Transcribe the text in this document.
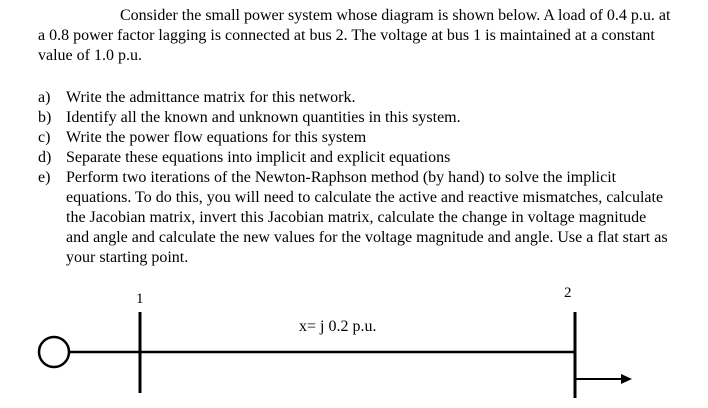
Consider the small power system whose diagram is shown below. A load of 0.4 p.u. at a 0.8 power factor lagging is connected at bus 2. The voltage at bus 1 is maintained at a constant value of 1.0 p.u.

a) Write the admittance matrix for this network.
b) Identify all the known and unknown quantities in this system.
c) Write the power flow equations for this system
d) Separate these equations into implicit and explicit equations
e) Perform two iterations of the Newton-Raphson method (by hand) to solve the implicit equations. To do this, you will need to calculate the active and reactive mismatches, calculate the Jacobian matrix, invert this Jacobian matrix, calculate the change in voltage magnitude and angle and calculate the new values for the voltage magnitude and angle. Use a flat start as your starting point.
1
x= j 0.2 p.u.
2
